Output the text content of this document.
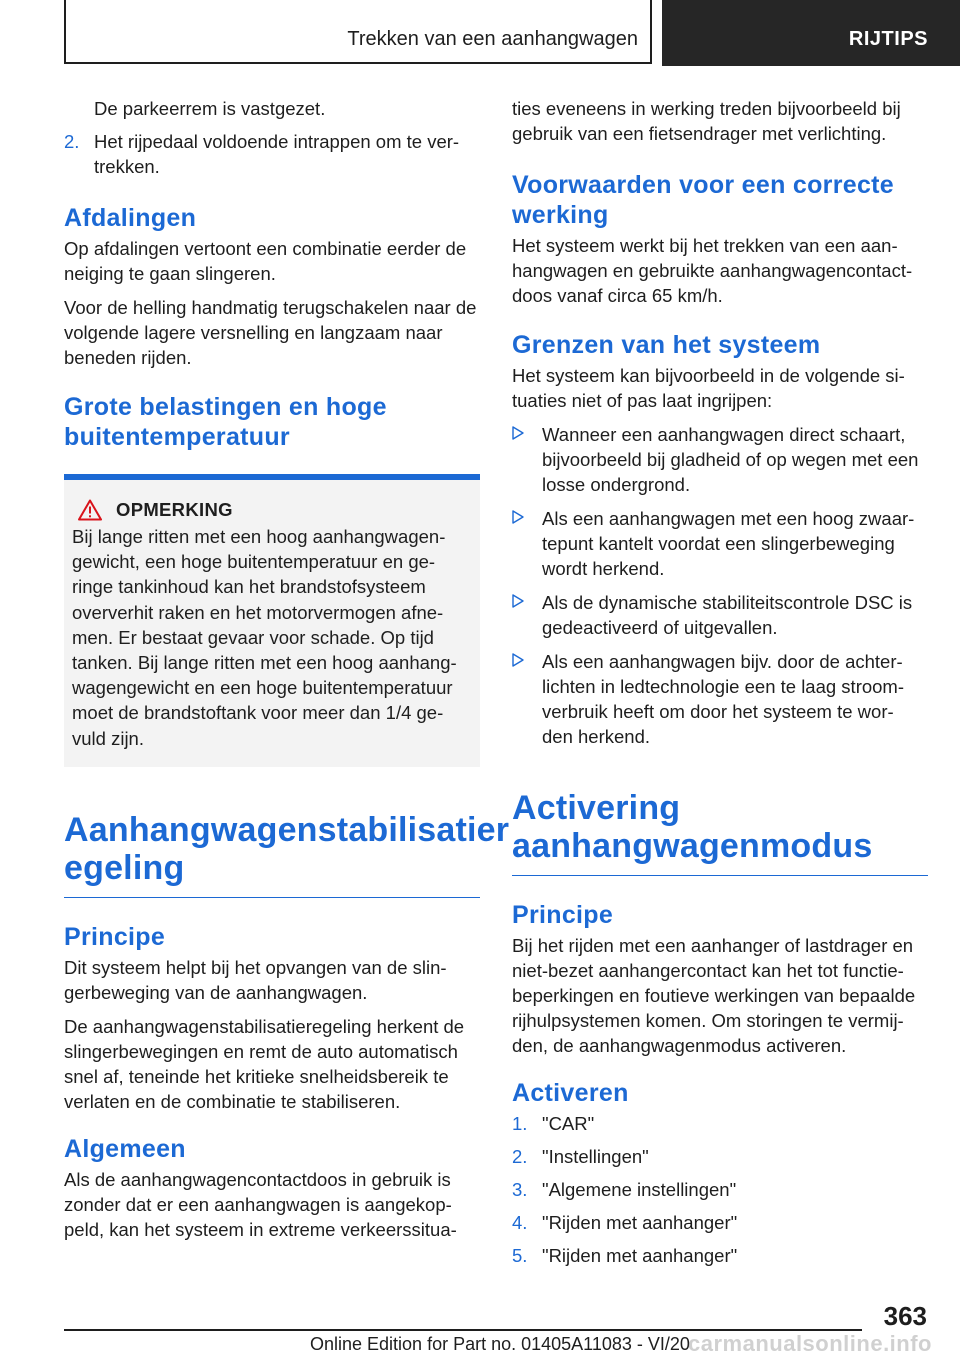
Trekken van een aanhangwagen	RIJTIPS

De parkeerrem is vastgezet.

2. Het rijpedaal voldoende intrappen om te ver- trekken.
Afdalingen

Op afdalingen vertoont een combinatie eerder de neiging te gaan slingeren.

Voor de helling handmatig terugschakelen naar de volgende lagere versnelling en langzaam naar beneden rijden.

Grote belastingen en hoge buitentemperatuur
OPMERKING

Bij lange ritten met een hoog aanhangwagen- gewicht, een hoge buitentemperatuur en ge- ringe tankinhoud kan het brandstofsysteem oververhit raken en het motorvermogen afne- men. Er bestaat gevaar voor schade. Op tijd tanken. Bij lange ritten met een hoog aanhang- wagengewicht en een hoge buitentemperatuur moet de brandstoftank voor meer dan 1/4 ge- vuld zijn.

Aanhangwagenstabilisatier egeling
Principe

Dit systeem helpt bij het opvangen van de slin- gerbeweging van de aanhangwagen.

De aanhangwagenstabilisatieregeling herkent de slingerbewegingen en remt de auto automatisch snel af, teneinde het kritieke snelheidsbereik te verlaten en de combinatie te stabiliseren.

Algemeen

Als de aanhangwagencontactdoos in gebruik is zonder dat er een aanhangwagen is aangekop- peld, kan het systeem in extreme verkeerssitua-

ties eveneens in werking treden bijvoorbeeld bij gebruik van een fietsendrager met verlichting.

Voorwaarden voor een correcte werking

Het systeem werkt bij het trekken van een aan- hangwagen en gebruikte aanhangwagencontact- doos vanaf circa 65 km/h.

Grenzen van het systeem

Het systeem kan bijvoorbeeld in de volgende si- tuaties niet of pas laat ingrijpen:

Wanneer een aanhangwagen direct schaart, bijvoorbeeld bij gladheid of op wegen met een losse ondergrond.
Als een aanhangwagen met een hoog zwaar- tepunt kantelt voordat een slingerbeweging wordt herkend.
Als de dynamische stabiliteitscontrole DSC is gedeactiveerd of uitgevallen.
Als een aanhangwagen bijv. door de achter- lichten in ledtechnologie een te laag stroom- verbruik heeft om door het systeem te wor- den herkend.
Activering aanhangwagenmodus
Principe

Bij het rijden met een aanhanger of lastdrager en niet-bezet aanhangercontact kan het tot functie- beperkingen en foutieve werkingen van bepaalde rijhulpsystemen komen. Om storingen te vermij- den, de aanhangwagenmodus activeren.

Activeren
1. "CAR"
2. "Instellingen"
3. "Algemene instellingen"
4. "Rijden met aanhanger"
5. "Rijden met aanhanger"
363
Online Edition for Part no. 01405A11083 - VI/20
carmanualsonline.info
